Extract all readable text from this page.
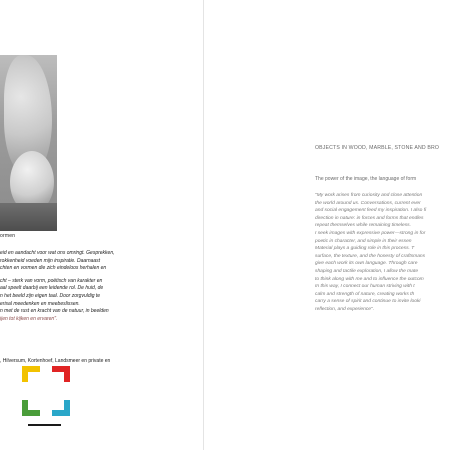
ormen

eid en aandacht voor wat ons omringt. Gesprekken,

rokkenheid voeden mijn inspiratie. Daarnaast

chten en vormen die zich eindeloos herhalen en

cht – sterk van vorm, poëtisch van karakter en

aal speelt daarbij een leidende rol. De huid, de

n het beeld zijn eigen taal. Door zorgvuldig te

erisal meedenken en meebeslissen.

n met de rust en kracht van de natuur, in beelden

ijen tot kijken en ervaren".

, Hilversum, Kortenhoef, Landsmeer en private en
OBJECTS IN WOOD, MARBLE, STONE AND BRO
The power of the image, the language of form

"My work arises from curiosity and close attention

the world around us. Conversations, current ever

and social engagement feed my inspiration. I also fi

direction in nature: in forces and forms that endles

repeat themselves while remaining timeless.

I seek images with expressive power—strong in for

poetic in character, and simple in their essen

Material plays a guiding role in this process. T

surface, the texture, and the honesty of craftsmans

give each work its own language. Through care

shaping and tactile exploration, I allow the mate

to think along with me and to influence the outcom

In this way, I connect our human striving with t

calm and strength of nature, creating works th

carry a sense of spirit and continue to invite looki

reflection, and experience".
